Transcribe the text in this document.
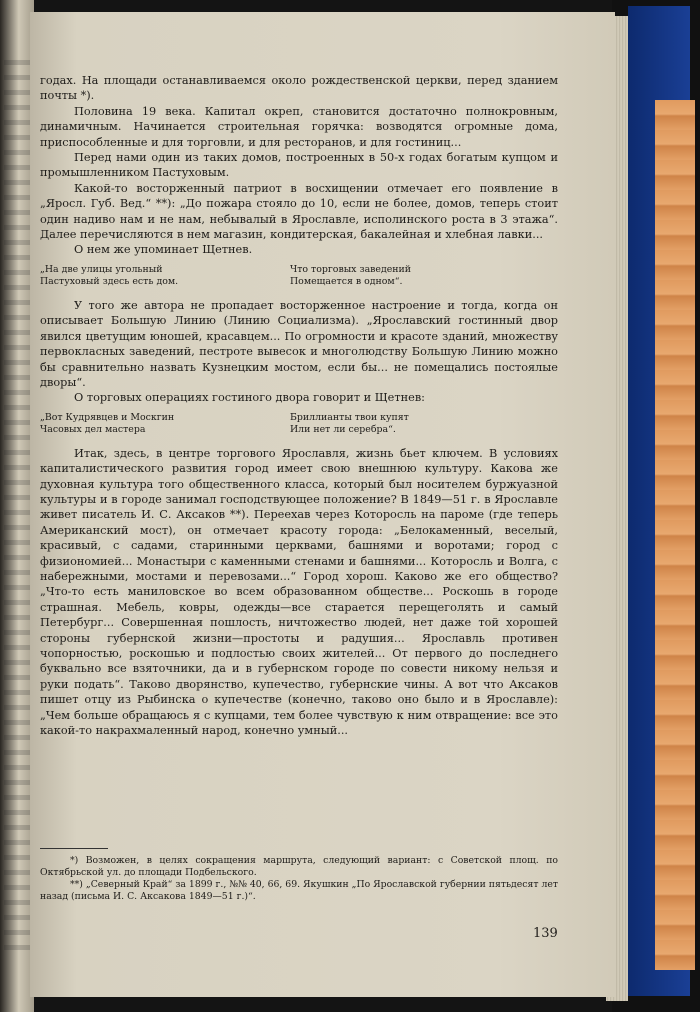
годах. На площади останавливаемся около рождественской церкви, перед зданием почты *).

Половина 19 века. Капитал окреп, становится достаточно полнокровным, динамичным. Начинается строительная горячка: возводятся огромные дома, приспособленные и для торговли, и для ресторанов, и для гостиниц...

Перед нами один из таких домов, построенных в 50-х годах богатым купцом и промышленником Пастуховым.

Какой-то восторженный патриот в восхищении отмечает его появление в „Яросл. Губ. Вед.“ **): „До пожара стояло до 10, если не более, домов, теперь стоит один надиво нам и не нам, небывалый в Ярославле, исполинского роста в 3 этажа“. Далее перечисляются в нем магазин, кондитерская, бакалейная и хлебная лавки...

О нем же упоминает Щетнев.

„На две улицы угольный
Пастуховый здесь есть дом.
Что торговых заведений
Помещается в одном“.

У того же автора не пропадает восторженное настроение и тогда, когда он описывает Большую Линию (Линию Социализма). „Ярославский гостинный двор явился цветущим юношей, красавцем... По огромности и красоте зданий, множеству первокласных заведений, пестроте вывесок и многолюдству Большую Линию можно бы сравнительно назвать Кузнецким мостом, если бы... не помещались постоялые дворы“.

О торговых операциях гостиного двора говорит и Щетнев:

„Вот Кудрявцев и Москгин
Часовых дел мастера
Бриллианты твои купят
Или нет ли серебра“.

Итак, здесь, в центре торгового Ярославля, жизнь бьет ключем. В условиях капиталистического развития город имеет свою внешнюю культуру. Какова же духовная культура того общественного класса, который был носителем буржуазной культуры и в городе занимал господствующее положение? В 1849—51 г. в Ярославле живет писатель И. С. Аксаков **). Переехав через Которосль на пароме (где теперь Американский мост), он отмечает красоту города: „Белокаменный, веселый, красивый, с садами, старинными церквами, башнями и воротами; город с физиономией... Монастыри с каменными стенами и башнями... Которосль и Волга, с набережными, мостами и перевозами...“ Город хорош. Каково же его общество? „Что-то есть маниловское во всем образованном обществе... Роскошь в городе страшная. Мебель, ковры, одежды—все старается перещеголять и самый Петербург... Совершенная пошлость, ничтожество людей, нет даже той хорошей стороны губернской жизни—простоты и радушия... Ярославль противен чопорностью, роскошью и подлостью своих жителей... От первого до последнего буквально все взяточники, да и в губернском городе по совести никому нельзя и руки подать“. Таково дворянство, купечество, губернские чины. А вот что Аксаков пишет отцу из Рыбинска о купечестве (конечно, таково оно было и в Ярославле): „Чем больше обращаюсь я с купцами, тем более чувствую к ним отвращение: все это какой-то накрахмаленный народ, конечно умный...

*) Возможен, в целях сокращения маршрута, следующий вариант: с Советской площ. по Октябрьской ул. до площади Подбельского.

**) „Северный Край“ за 1899 г., №№ 40, 66, 69. Якушкин „По Ярославской губернии пятьдесят лет назад (письма И. С. Аксакова 1849—51 г.)“.

139
